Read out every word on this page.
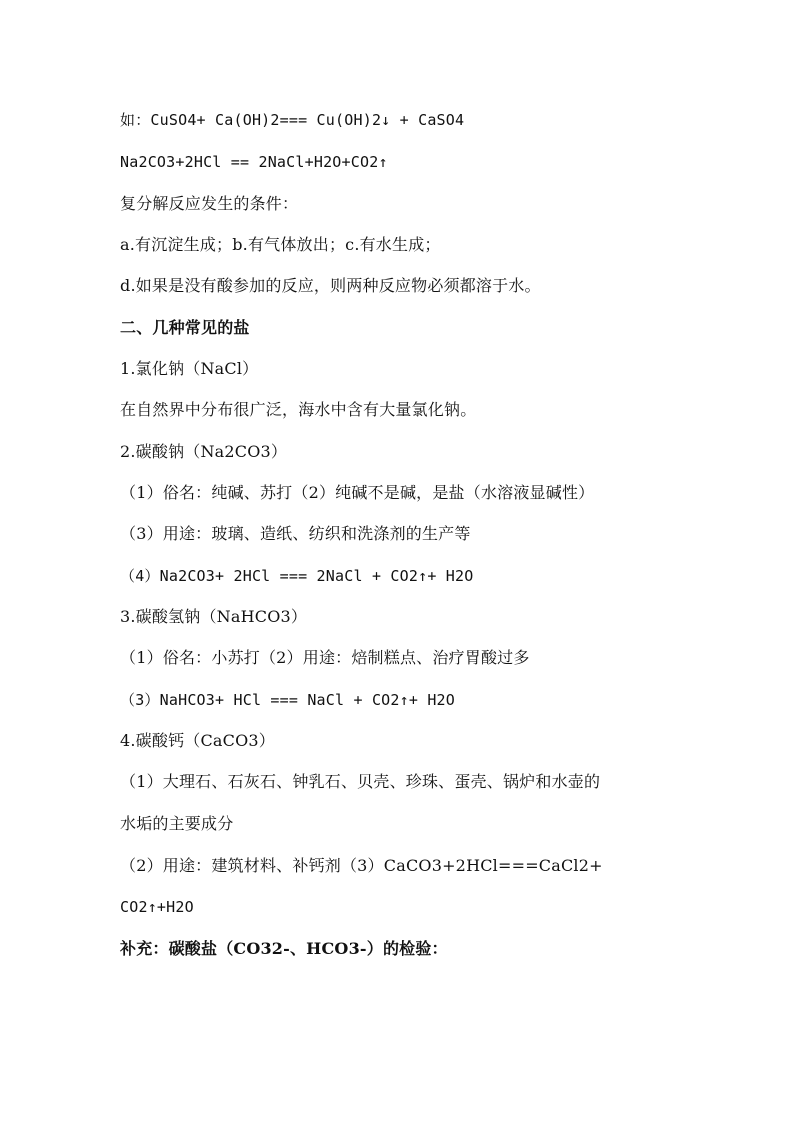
如：CuSO4+ Ca(OH)2=== Cu(OH)2↓ + CaSO4
Na2CO3+2HCl == 2NaCl+H2O+CO2↑
复分解反应发生的条件：
a.有沉淀生成；b.有气体放出；c.有水生成；
d.如果是没有酸参加的反应，则两种反应物必须都溶于水。
二、几种常见的盐
1.氯化钠（NaCl）
在自然界中分布很广泛，海水中含有大量氯化钠。
2.碳酸钠（Na2CO3）
（1）俗名：纯碱、苏打（2）纯碱不是碱，是盐（水溶液显碱性）
（3）用途：玻璃、造纸、纺织和洗涤剂的生产等
（4）Na2CO3+ 2HCl === 2NaCl + CO2↑+ H2O
3.碳酸氢钠（NaHCO3）
（1）俗名：小苏打（2）用途：焙制糕点、治疗胃酸过多
（3）NaHCO3+ HCl === NaCl + CO2↑+ H2O
4.碳酸钙（CaCO3）
（1）大理石、石灰石、钟乳石、贝壳、珍珠、蛋壳、锅炉和水壶的
水垢的主要成分
（2）用途：建筑材料、补钙剂（3）CaCO3+2HCl===CaCl2+
CO2↑+H2O
补充：碳酸盐（CO32-、HCO3-）的检验：
